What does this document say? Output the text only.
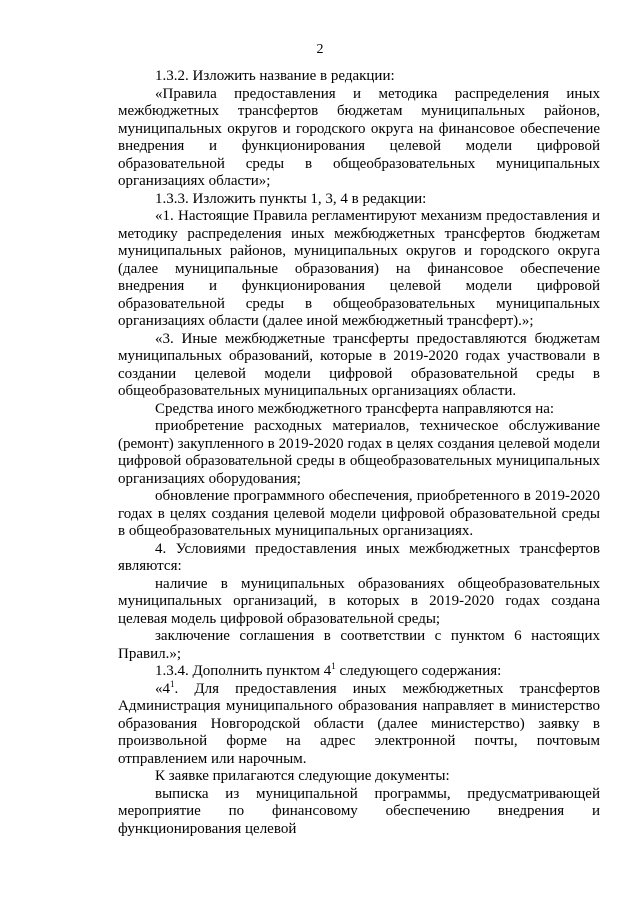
2

1.3.2. Изложить название в редакции:

«Правила предоставления и методика распределения иных межбюджетных трансфертов бюджетам муниципальных районов, муниципальных округов и городского округа на финансовое обеспечение внедрения и функционирования целевой модели цифровой образовательной среды в общеобразовательных муниципальных организациях области»;

1.3.3. Изложить пункты 1, 3, 4 в редакции:

«1. Настоящие Правила регламентируют механизм предоставления и методику распределения иных межбюджетных трансфертов бюджетам муниципальных районов, муниципальных округов и городского округа (далее муниципальные образования) на финансовое обеспечение внедрения и функционирования целевой модели цифровой образовательной среды в общеобразовательных муниципальных организациях области (далее иной межбюджетный трансферт).»;

«3. Иные межбюджетные трансферты предоставляются бюджетам муниципальных образований, которые в 2019-2020 годах участвовали в создании целевой модели цифровой образовательной среды в общеобразовательных муниципальных организациях области.

Средства иного межбюджетного трансферта направляются на:

приобретение расходных материалов, техническое обслуживание (ремонт) закупленного в 2019-2020 годах в целях создания целевой модели цифровой образовательной среды в общеобразовательных муниципальных организациях оборудования;

обновление программного обеспечения, приобретенного в 2019-2020 годах в целях создания целевой модели цифровой образовательной среды в общеобразовательных муниципальных организациях.

4. Условиями предоставления иных межбюджетных трансфертов являются:

наличие в муниципальных образованиях общеобразовательных муниципальных организаций, в которых в 2019-2020 годах создана целевая модель цифровой образовательной среды;

заключение соглашения в соответствии с пунктом 6 настоящих Правил.»;

1.3.4. Дополнить пунктом $4^1$ следующего содержания:

«$4^1$. Для предоставления иных межбюджетных трансфертов Администрация муниципального образования направляет в министерство образования Новгородской области (далее министерство) заявку в произвольной форме на адрес электронной почты, почтовым отправлением или нарочным.

К заявке прилагаются следующие документы:

выписка из муниципальной программы, предусматривающей мероприятие по финансовому обеспечению внедрения и функционирования целевой
